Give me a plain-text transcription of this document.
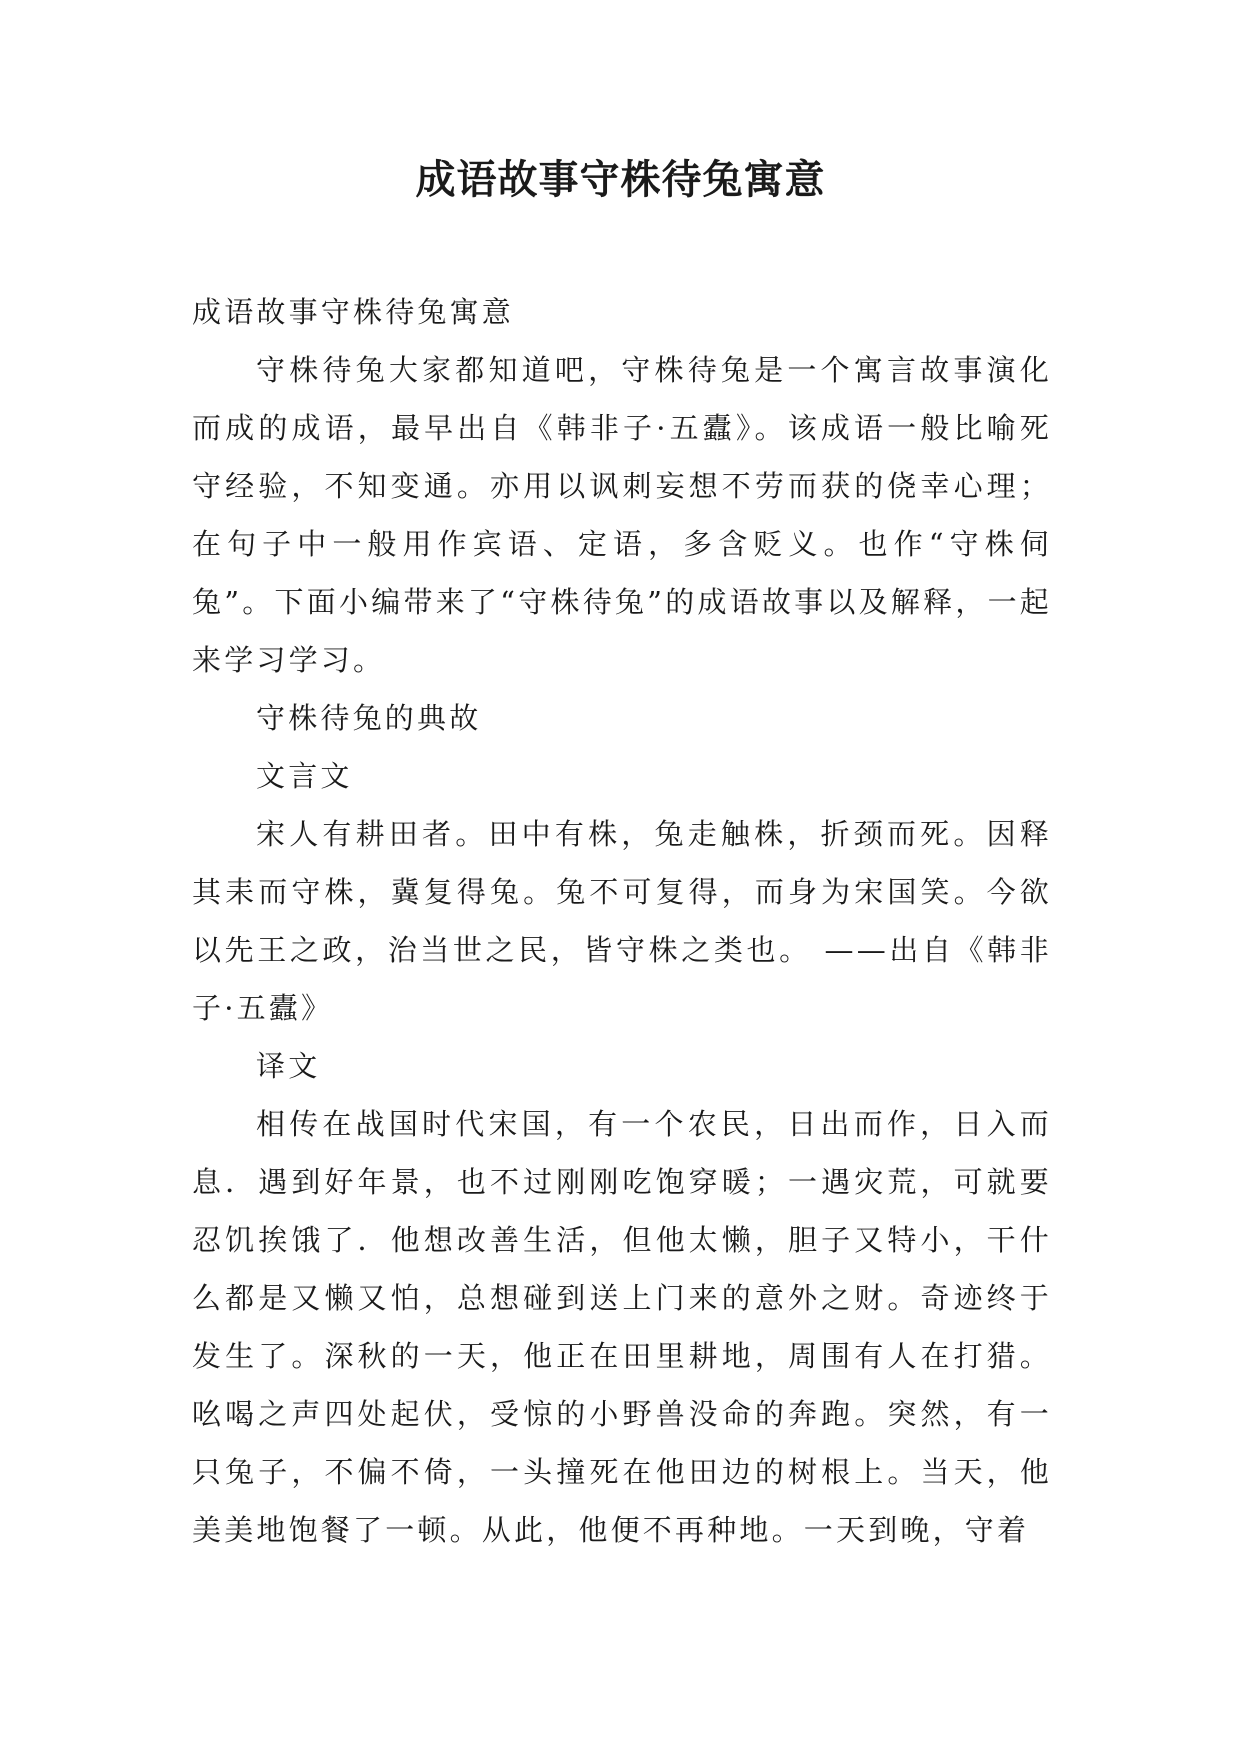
成语故事守株待兔寓意

成语故事守株待兔寓意

守株待兔大家都知道吧，守株待兔是一个寓言故事演化而成的成语，最早出自《韩非子·五蠹》。该成语一般比喻死守经验，不知变通。亦用以讽刺妄想不劳而获的侥幸心理；在句子中一般用作宾语、定语，多含贬义。也作“守株伺兔”。下面小编带来了“守株待兔”的成语故事以及解释，一起来学习学习。

守株待兔的典故

文言文

宋人有耕田者。田中有株，兔走触株，折颈而死。因释其耒而守株，冀复得兔。兔不可复得，而身为宋国笑。今欲以先王之政，治当世之民，皆守株之类也。 ——出自《韩非子·五蠹》

译文

相传在战国时代宋国，有一个农民，日出而作，日入而息．遇到好年景，也不过刚刚吃饱穿暖；一遇灾荒，可就要忍饥挨饿了．他想改善生活，但他太懒，胆子又特小，干什么都是又懒又怕，总想碰到送上门来的意外之财。奇迹终于发生了。深秋的一天，他正在田里耕地，周围有人在打猎。吆喝之声四处起伏，受惊的小野兽没命的奔跑。突然，有一只兔子，不偏不倚，一头撞死在他田边的树根上。当天，他美美地饱餐了一顿。从此，他便不再种地。一天到晚，守着
